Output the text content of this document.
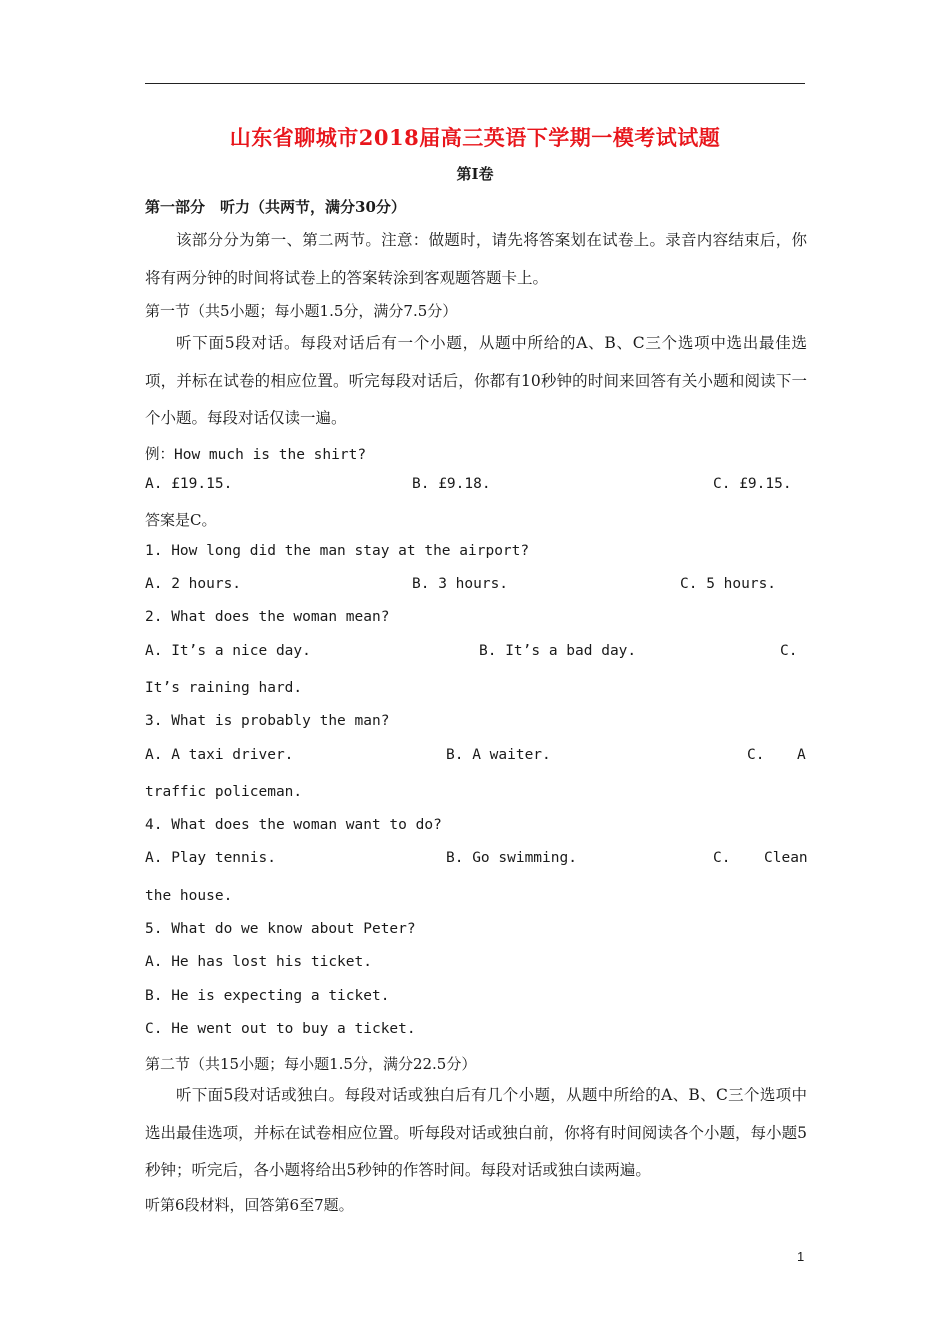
山东省聊城市2018届高三英语下学期一模考试试题
第Ⅰ卷
第一部分　听力（共两节，满分30分）
该部分分为第一、第二两节。注意：做题时，请先将答案划在试卷上。录音内容结束后，你将有两分钟的时间将试卷上的答案转涂到客观题答题卡上。
第一节（共5小题；每小题1.5分，满分7.5分）
听下面5段对话。每段对话后有一个小题，从题中所给的A、B、C三个选项中选出最佳选项，并标在试卷的相应位置。听完每段对话后，你都有10秒钟的时间来回答有关小题和阅读下一个小题。每段对话仅读一遍。
例：How much is the shirt?
A. £19.15.	B. £9.18.	C. £9.15.
答案是C。
1. How long did the man stay at the airport?
A. 2 hours.	B. 3 hours.	C. 5 hours.
2. What does the woman mean?
A. It’s a nice day.	B. It’s a bad day.	C.
It’s raining hard.
3. What is probably the man?
A. A taxi driver.	B. A waiter.	C. A
traffic policeman.
4. What does the woman want to do?
A. Play tennis.	B. Go swimming.	C. Clean
the house.
5. What do we know about Peter?
A. He has lost his ticket.
B. He is expecting a ticket.
C. He went out to buy a ticket.
第二节（共15小题；每小题1.5分，满分22.5分）
听下面5段对话或独白。每段对话或独白后有几个小题，从题中所给的A、B、C三个选项中选出最佳选项，并标在试卷相应位置。听每段对话或独白前，你将有时间阅读各个小题，每小题5秒钟；听完后，各小题将给出5秒钟的作答时间。每段对话或独白读两遍。
听第6段材料，回答第6至7题。
1
